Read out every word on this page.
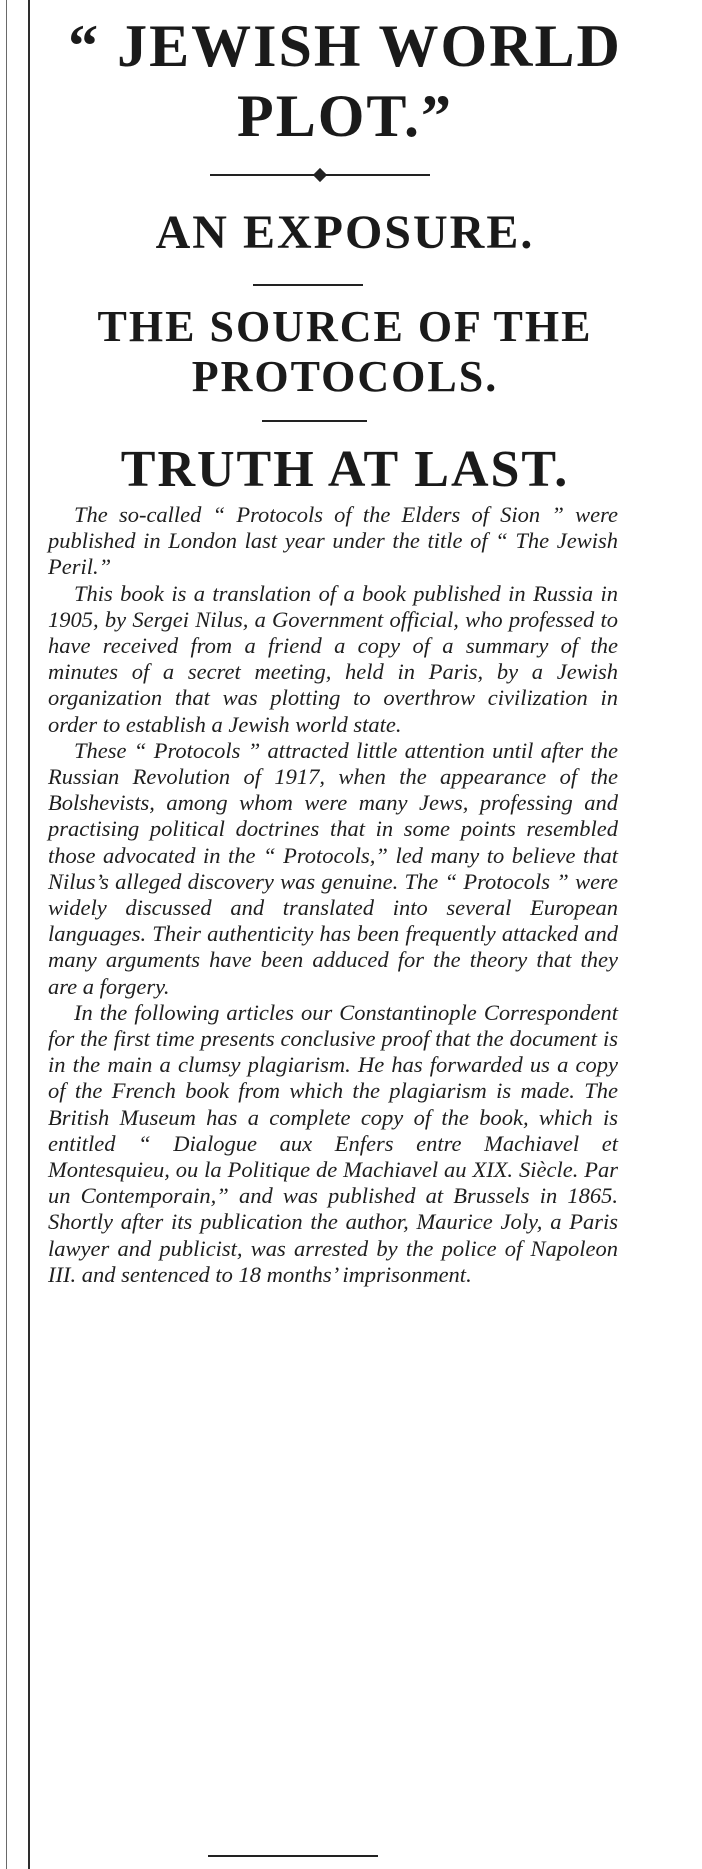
“ JEWISH WORLD
PLOT.”
AN EXPOSURE.
THE SOURCE OF THE
PROTOCOLS.
TRUTH AT LAST.

The so-called “ Protocols of the Elders of Sion ” were published in London last year under the title of “ The Jewish Peril.”

This book is a translation of a book published in Russia in 1905, by Sergei Nilus, a Government official, who professed to have received from a friend a copy of a summary of the minutes of a secret meeting, held in Paris, by a Jewish organization that was plotting to overthrow civilization in order to establish a Jewish world state.

These “ Protocols ” attracted little attention until after the Russian Revolution of 1917, when the appearance of the Bolshevists, among whom were many Jews, professing and practising political doctrines that in some points resembled those advocated in the “ Protocols,” led many to believe that Nilus’s alleged discovery was genuine. The “ Protocols ” were widely discussed and translated into several European languages. Their authenticity has been frequently attacked and many arguments have been adduced for the theory that they are a forgery.

In the following articles our Constantinople Correspondent for the first time presents conclusive proof that the document is in the main a clumsy plagiarism. He has forwarded us a copy of the French book from which the plagiarism is made. The British Museum has a complete copy of the book, which is entitled “ Dialogue aux Enfers entre Machiavel et Montesquieu, ou la Politique de Machiavel au XIX. Siècle. Par un Contemporain,” and was published at Brussels in 1865. Shortly after its publication the author, Maurice Joly, a Paris lawyer and publicist, was arrested by the police of Napoleon III. and sentenced to 18 months’ imprisonment.
